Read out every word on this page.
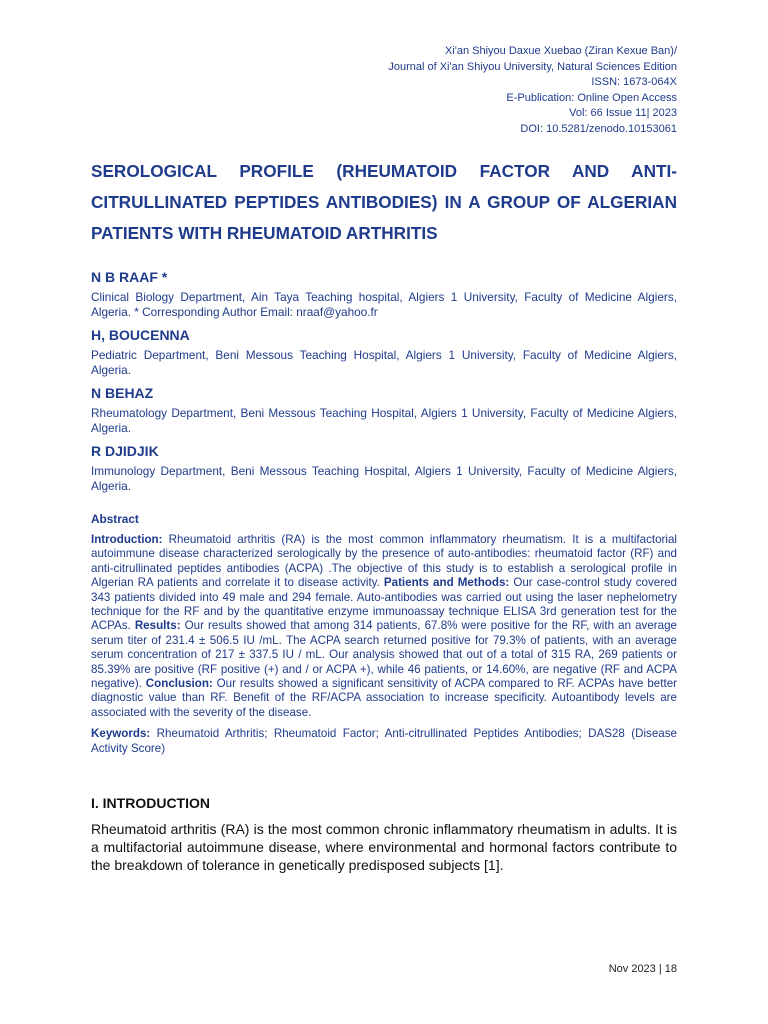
Xi'an Shiyou Daxue Xuebao (Ziran Kexue Ban)/
Journal of Xi'an Shiyou University, Natural Sciences Edition
ISSN: 1673-064X
E-Publication: Online Open Access
Vol: 66 Issue 11| 2023
DOI: 10.5281/zenodo.10153061
SEROLOGICAL PROFILE (RHEUMATOID FACTOR AND ANTI-CITRULLINATED PEPTIDES ANTIBODIES) IN A GROUP OF ALGERIAN PATIENTS WITH RHEUMATOID ARTHRITIS
N B RAAF *
Clinical Biology Department, Ain Taya Teaching hospital, Algiers 1 University, Faculty of Medicine Algiers, Algeria. * Corresponding Author Email: nraaf@yahoo.fr
H, BOUCENNA
Pediatric Department, Beni Messous Teaching Hospital, Algiers 1 University, Faculty of Medicine Algiers, Algeria.
N BEHAZ
Rheumatology Department, Beni Messous Teaching Hospital, Algiers 1 University, Faculty of Medicine Algiers, Algeria.
R DJIDJIK
Immunology Department, Beni Messous Teaching Hospital, Algiers 1 University, Faculty of Medicine Algiers, Algeria.
Abstract
Introduction: Rheumatoid arthritis (RA) is the most common inflammatory rheumatism. It is a multifactorial autoimmune disease characterized serologically by the presence of auto-antibodies: rheumatoid factor (RF) and anti-citrullinated peptides antibodies (ACPA) .The objective of this study is to establish a serological profile in Algerian RA patients and correlate it to disease activity. Patients and Methods: Our case-control study covered 343 patients divided into 49 male and 294 female. Auto-antibodies was carried out using the laser nephelometry technique for the RF and by the quantitative enzyme immunoassay technique ELISA 3rd generation test for the ACPAs. Results: Our results showed that among 314 patients, 67.8% were positive for the RF, with an average serum titer of 231.4 ± 506.5 IU /mL. The ACPA search returned positive for 79.3% of patients, with an average serum concentration of 217 ± 337.5 IU / mL. Our analysis showed that out of a total of 315 RA, 269 patients or 85.39% are positive (RF positive (+) and / or ACPA +), while 46 patients, or 14.60%, are negative (RF and ACPA negative). Conclusion: Our results showed a significant sensitivity of ACPA compared to RF. ACPAs have better diagnostic value than RF. Benefit of the RF/ACPA association to increase specificity. Autoantibody levels are associated with the severity of the disease.
Keywords: Rheumatoid Arthritis; Rheumatoid Factor; Anti-citrullinated Peptides Antibodies; DAS28 (Disease Activity Score)
I. INTRODUCTION
Rheumatoid arthritis (RA) is the most common chronic inflammatory rheumatism in adults. It is a multifactorial autoimmune disease, where environmental and hormonal factors contribute to the breakdown of tolerance in genetically predisposed subjects [1].
Nov 2023 | 18
